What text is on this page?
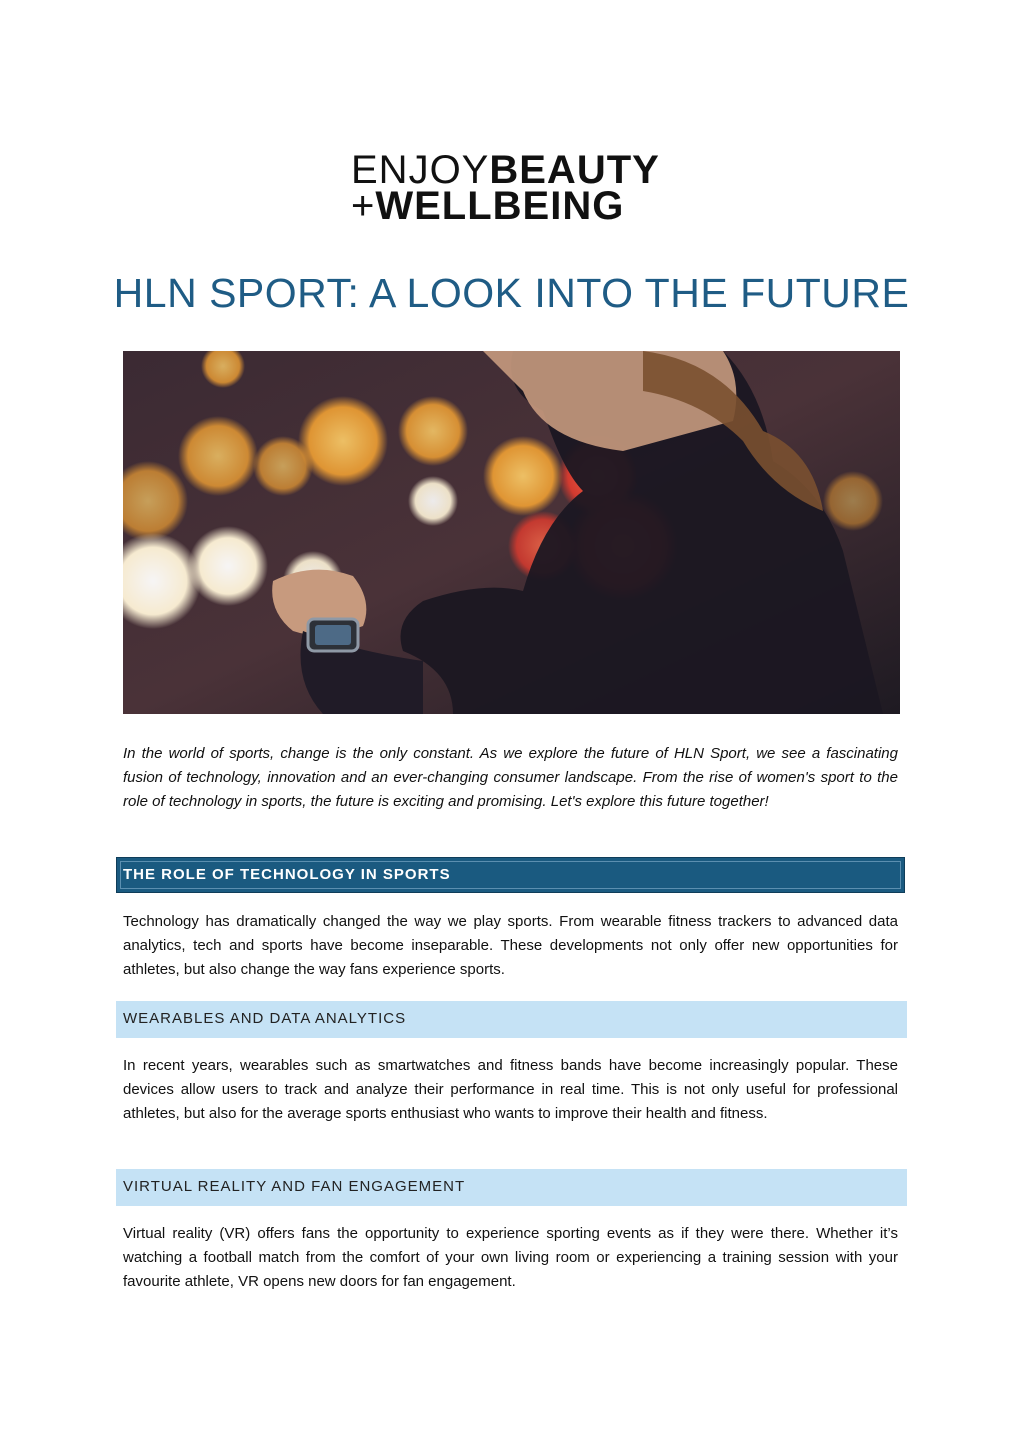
ENJOYBEAUTY
+WELLBEING
HLN SPORT: A LOOK INTO THE FUTURE
In the world of sports, change is the only constant. As we explore the future of HLN Sport, we see a fascinating fusion of technology, innovation and an ever-changing consumer landscape. From the rise of women's sport to the role of technology in sports, the future is exciting and promising. Let's explore this future together!
THE ROLE OF TECHNOLOGY IN SPORTS
Technology has dramatically changed the way we play sports. From wearable fitness trackers to advanced data analytics, tech and sports have become inseparable. These developments not only offer new opportunities for athletes, but also change the way fans experience sports.
WEARABLES AND DATA ANALYTICS
In recent years, wearables such as smartwatches and fitness bands have become increasingly popular. These devices allow users to track and analyze their performance in real time. This is not only useful for professional athletes, but also for the average sports enthusiast who wants to improve their health and fitness.
VIRTUAL REALITY AND FAN ENGAGEMENT
Virtual reality (VR) offers fans the opportunity to experience sporting events as if they were there. Whether it’s watching a football match from the comfort of your own living room or experiencing a training session with your favourite athlete, VR opens new doors for fan engagement.
